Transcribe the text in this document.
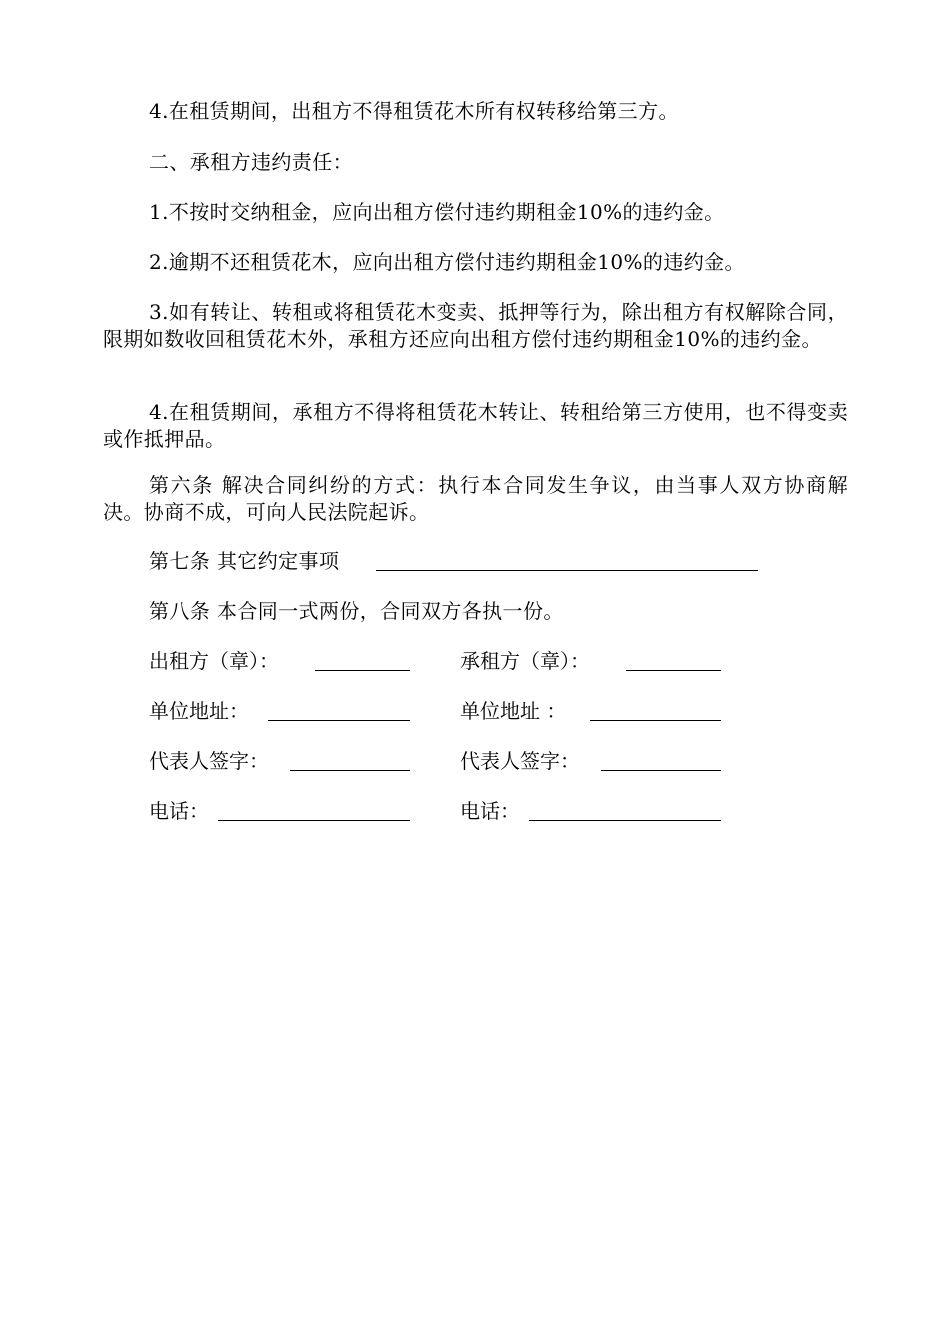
4.在租赁期间，出租方不得租赁花木所有权转移给第三方。

二、承租方违约责任：

1.不按时交纳租金，应向出租方偿付违约期租金10%的违约金。

2.逾期不还租赁花木，应向出租方偿付违约期租金10%的违约金。

3.如有转让、转租或将租赁花木变卖、抵押等行为，除出租方有权解除合同，限期如数收回租赁花木外，承租方还应向出租方偿付违约期租金10%的违约金。

4.在租赁期间，承租方不得将租赁花木转让、转租给第三方使用，也不得变卖或作抵押品。

第六条 解决合同纠纷的方式：执行本合同发生争议，由当事人双方协商解决。协商不成，可向人民法院起诉。

第七条 其它约定事项

第八条 本合同一式两份，合同双方各执一份。

出租方（章）：	承租方（章）：
单位地址：	单位地址 ：
代表人签字：	代表人签字：
电话：	电话：
